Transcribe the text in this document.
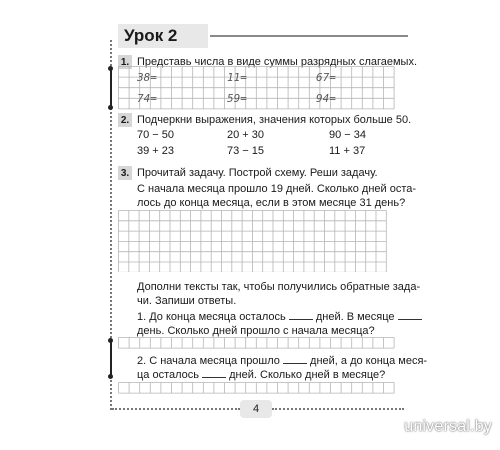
Урок 2
1. Представь числа в виде суммы разрядных слагаемых.
38=	11=	67=
74=	59=	94=
2. Подчеркни выражения, значения которых больше 50.
70 − 50	20 + 30	90 − 34
39 + 23	73 − 15	11 + 37
3. Прочитай задачу. Построй схему. Реши задачу.
С начала месяца прошло 19 дней. Сколько дней оста-
лось до конца месяца, если в этом месяце 31 день?
Дополни тексты так, чтобы получились обратные зада-
чи. Запиши ответы.
1. До конца месяца осталось	дней. В месяце
день. Сколько дней прошло с начала месяца?
2. С начала месяца прошло	дней, а до конца меся-
ца осталось	дней. Сколько дней в месяце?
4
universal.by
